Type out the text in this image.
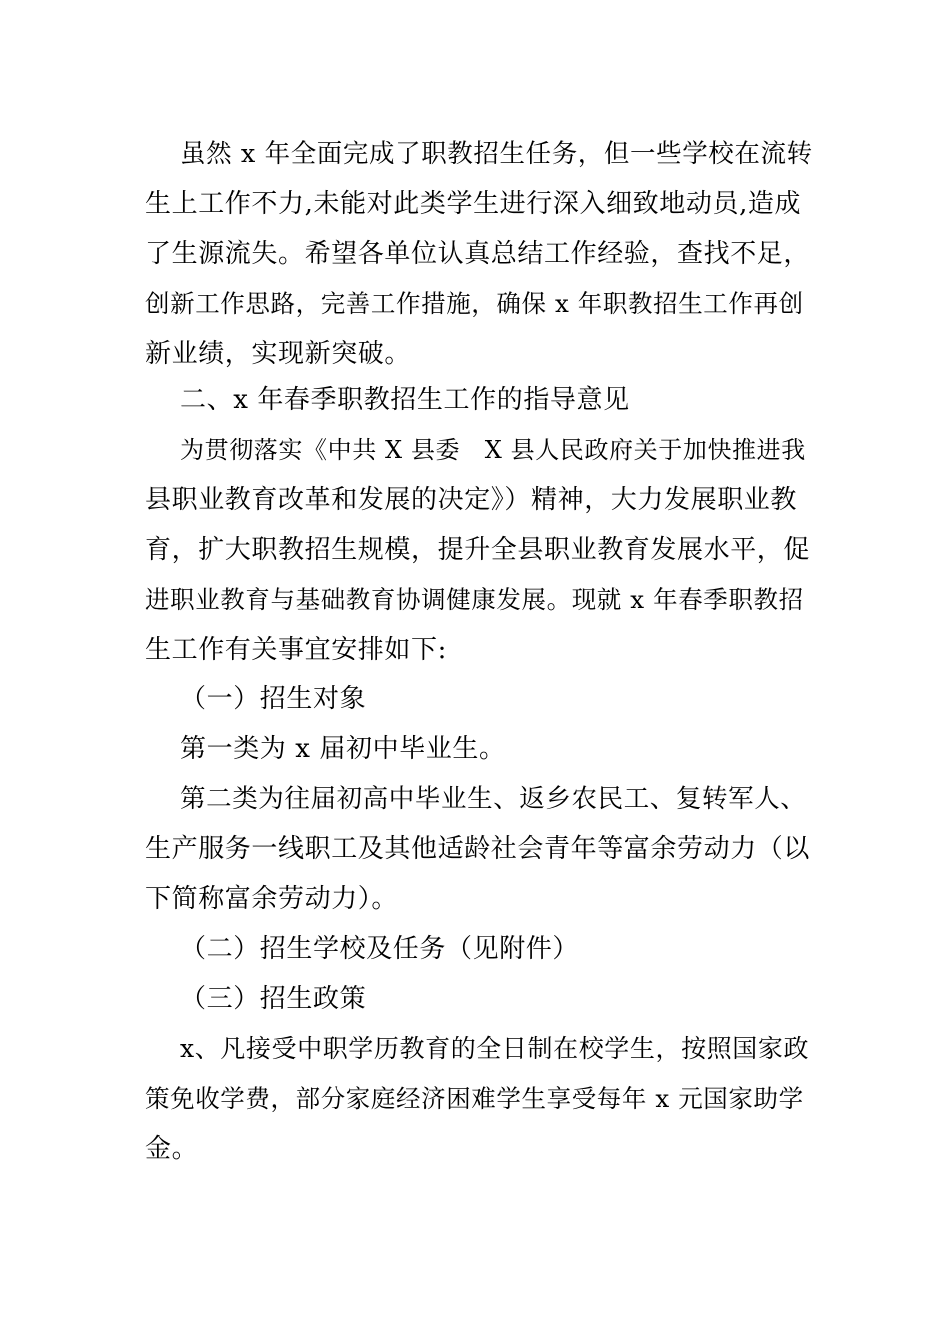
虽然 x 年全面完成了职教招生任务，但一些学校在流转
生上工作不力,未能对此类学生进行深入细致地动员,造成
了生源流失。希望各单位认真总结工作经验，查找不足，
创新工作思路，完善工作措施，确保 x 年职教招生工作再创
新业绩，实现新突破。
二、x 年春季职教招生工作的指导意见
为贯彻落实《中共 X 县委　X 县人民政府关于加快推进我
县职业教育改革和发展的决定》）精神，大力发展职业教
育，扩大职教招生规模，提升全县职业教育发展水平，促
进职业教育与基础教育协调健康发展。现就 x 年春季职教招
生工作有关事宜安排如下:
（一）招生对象
第一类为 x 届初中毕业生。
第二类为往届初高中毕业生、返乡农民工、复转军人、
生产服务一线职工及其他适龄社会青年等富余劳动力（以
下简称富余劳动力）。
（二）招生学校及任务（见附件）
（三）招生政策
x、凡接受中职学历教育的全日制在校学生，按照国家政
策免收学费，部分家庭经济困难学生享受每年 x 元国家助学
金。
